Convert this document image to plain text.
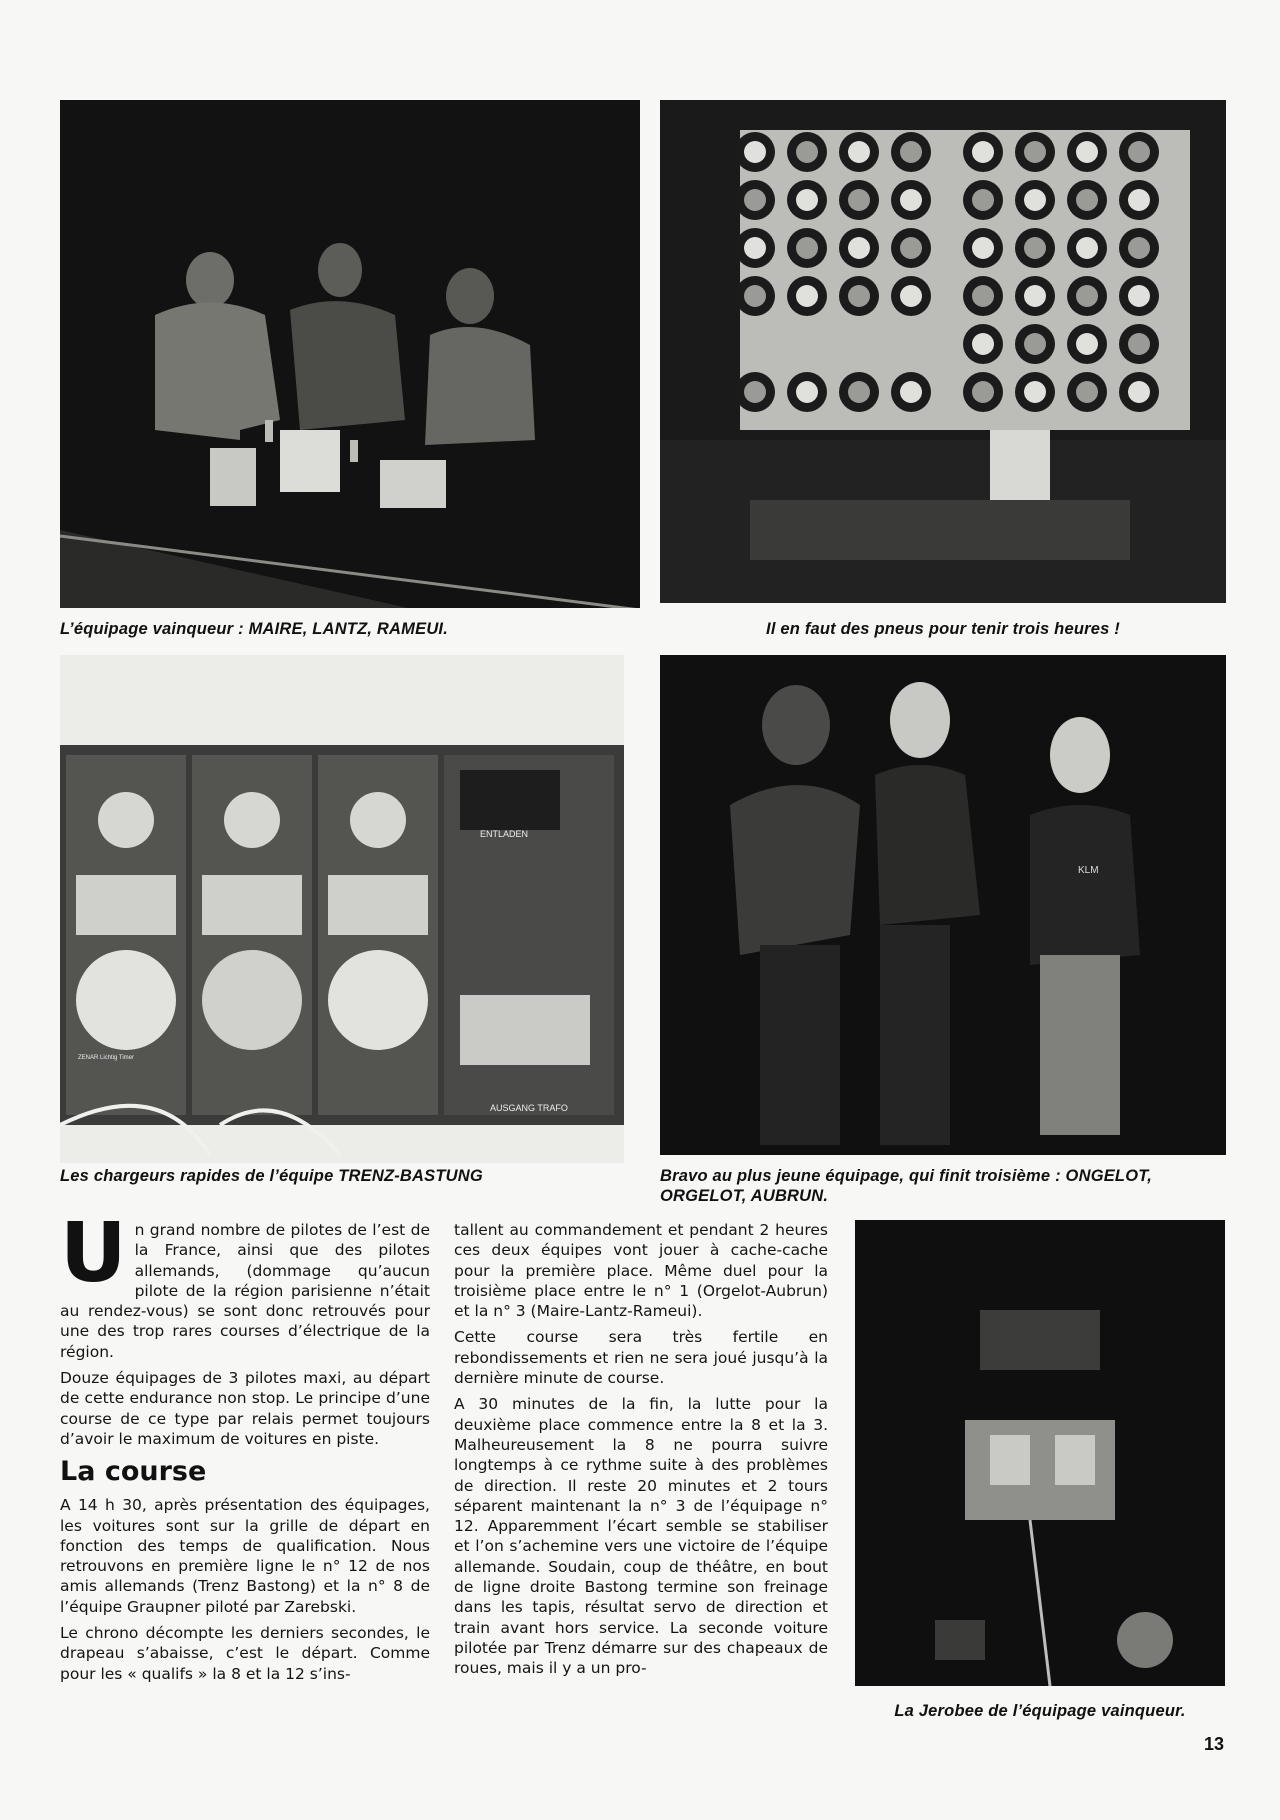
L’équipage vainqueur : MAIRE, LANTZ, RAMEUI.	Il en faut des pneus pour tenir trois heures !
ENTLADEN
AUSGANG TRAFO
ZENAR Lichtig Timer
Les chargeurs rapides de l’équipe TRENZ-BASTUNG
KLM
Bravo au plus jeune équipage, qui finit troisième : ONGELOT, ORGELOT, AUBRUN.
La Jerobee de l’équipage vainqueur.
U n grand nombre de pilotes de l’est de la France, ainsi que des pilotes allemands, (dommage qu’aucun pilote de la région parisienne n’était au rendez-vous) se sont donc retrouvés pour une des trop rares courses d’électrique de la région.

Douze équipages de 3 pilotes maxi, au départ de cette endurance non stop. Le principe d’une course de ce type par relais permet toujours d’avoir le maximum de voitures en piste.

La course

A 14 h 30, après présentation des équipages, les voitures sont sur la grille de départ en fonction des temps de qualification. Nous retrouvons en première ligne le n° 12 de nos amis allemands (Trenz Bastong) et la n° 8 de l’équipe Graupner piloté par Zarebski.

Le chrono décompte les derniers secondes, le drapeau s’abaisse, c’est le départ. Comme pour les « qualifs » la 8 et la 12 s’ins-

tallent au commandement et pendant 2 heures ces deux équipes vont jouer à cache-cache pour la première place. Même duel pour la troisième place entre le n° 1 (Orgelot-Aubrun) et la n° 3 (Maire-Lantz-Rameui).

Cette course sera très fertile en rebondissements et rien ne sera joué jusqu’à la dernière minute de course.

A 30 minutes de la fin, la lutte pour la deuxième place commence entre la 8 et la 3. Malheureusement la 8 ne pourra suivre longtemps à ce rythme suite à des problèmes de direction. Il reste 20 minutes et 2 tours séparent maintenant la n° 3 de l’équipage n° 12. Apparemment l’écart semble se stabiliser et l’on s’achemine vers une victoire de l’équipe allemande. Soudain, coup de théâtre, en bout de ligne droite Bastong termine son freinage dans les tapis, résultat servo de direction et train avant hors service. La seconde voiture pilotée par Trenz démarre sur des chapeaux de roues, mais il y a un pro-

13
